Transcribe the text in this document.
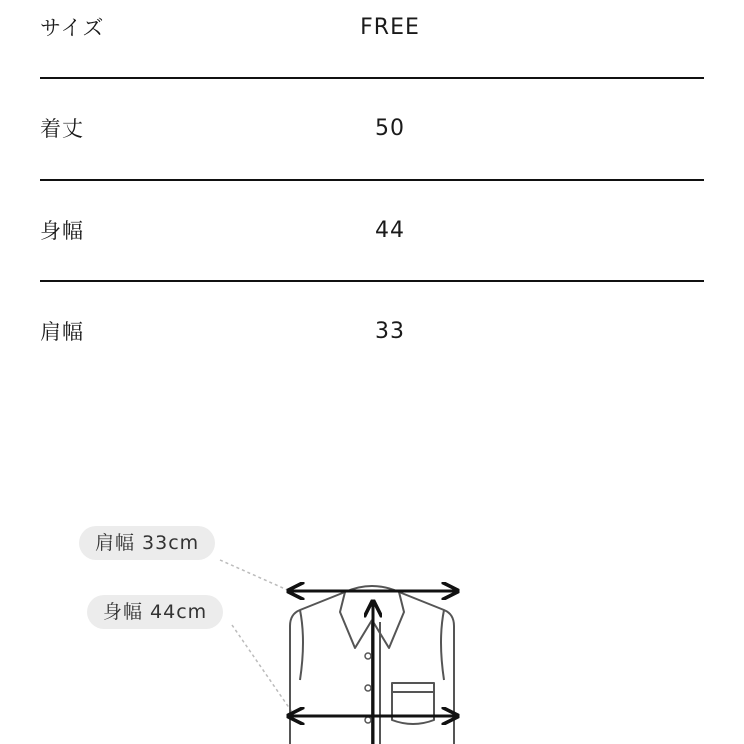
サイズ	FREE
着丈	50
身幅	44
肩幅	33
肩幅 33cm
身幅 44cm
